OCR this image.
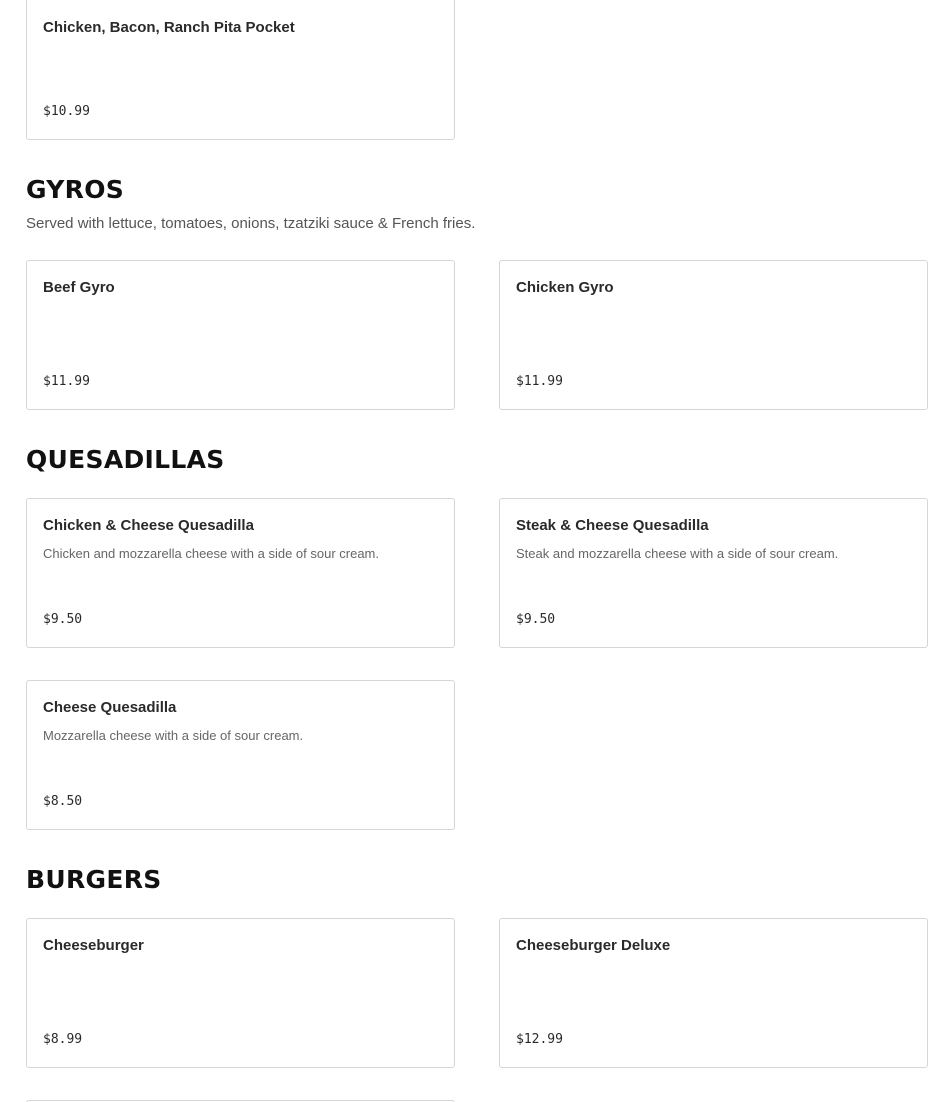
Chicken, Bacon, Ranch Pita Pocket
$10.99
GYROS

Served with lettuce, tomatoes, onions, tzatziki sauce & French fries.

Beef Gyro
$11.99
Chicken Gyro
$11.99
QUESADILLAS
Chicken & Cheese Quesadilla
Chicken and mozzarella cheese with a side of sour cream.
$9.50
Steak & Cheese Quesadilla
Steak and mozzarella cheese with a side of sour cream.
$9.50
Cheese Quesadilla
Mozzarella cheese with a side of sour cream.
$8.50
BURGERS
Cheeseburger
$8.99
Cheeseburger Deluxe
$12.99
